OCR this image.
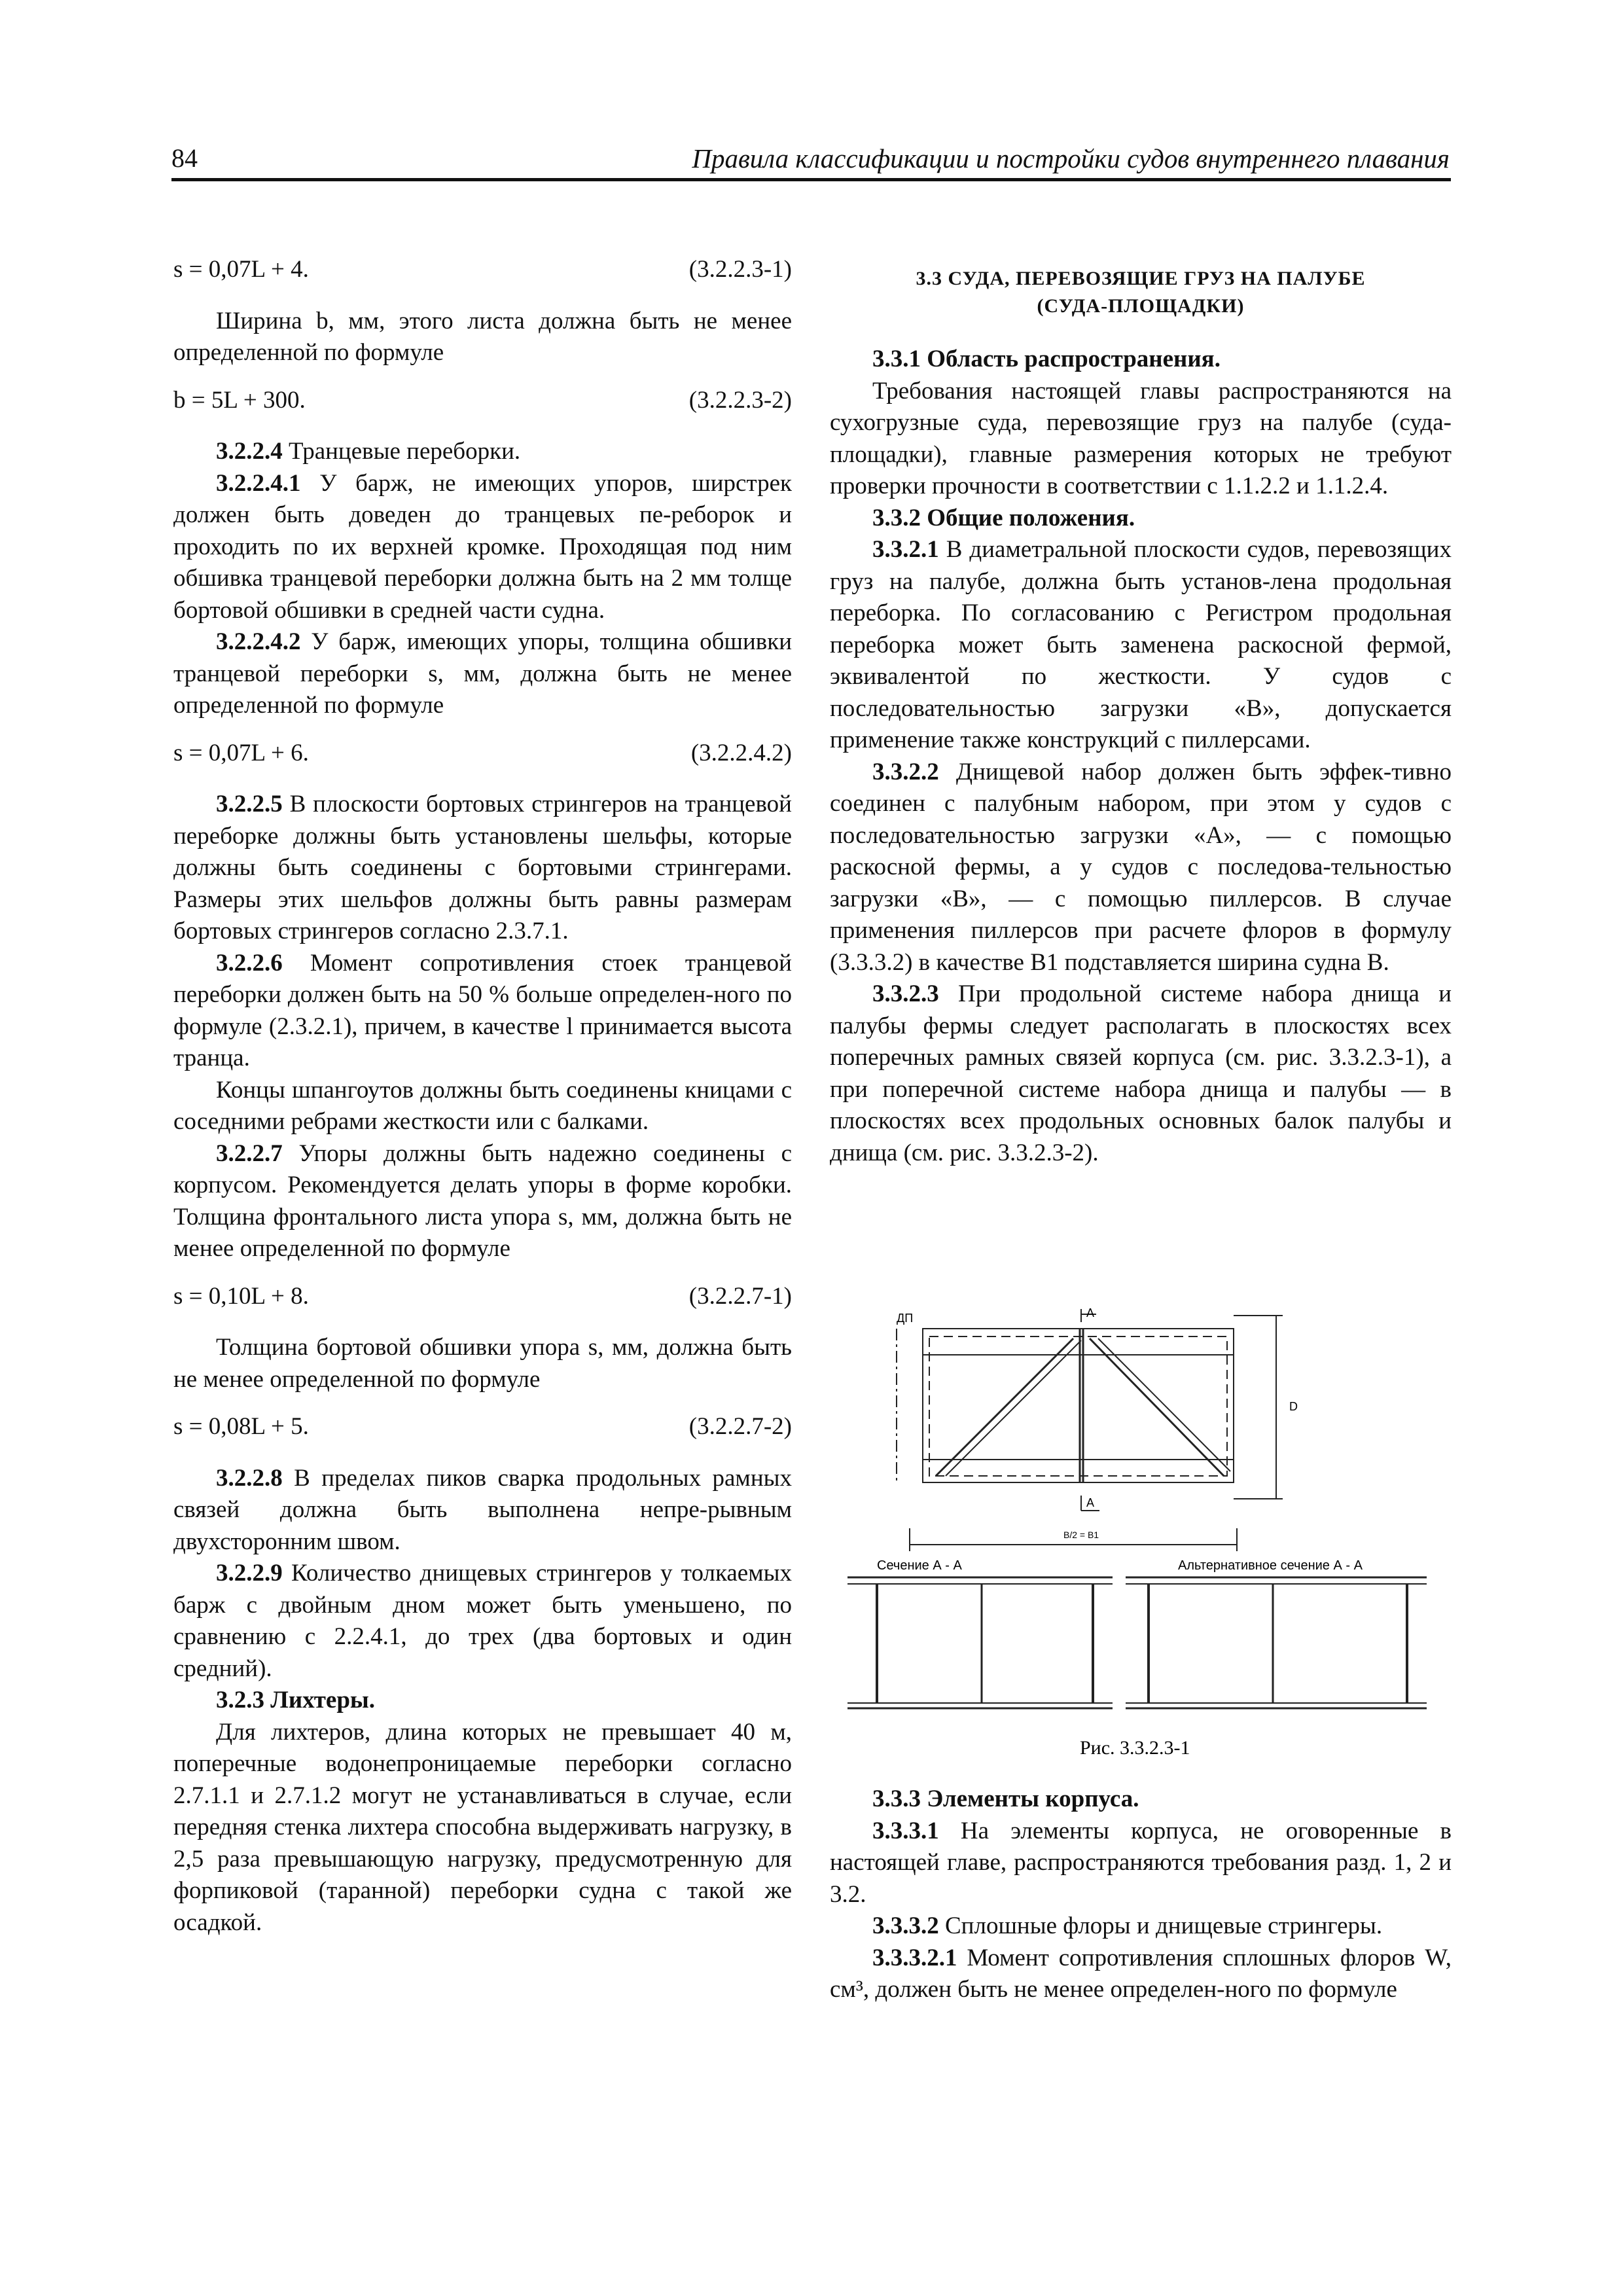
84	Правила классификации и постройки судов внутреннего плавания
s = 0,07L + 4.	(3.2.2.3-1)

Ширина b, мм, этого листа должна быть не менее определенной по формуле

b = 5L + 300.	(3.2.2.3-2)

3.2.2.4 Транцевые переборки.

3.2.2.4.1 У барж, не имеющих упоров, ширстрек должен быть доведен до транцевых пе-реборок и проходить по их верхней кромке. Проходящая под ним обшивка транцевой переборки должна быть на 2 мм толще бортовой обшивки в средней части судна.

3.2.2.4.2 У барж, имеющих упоры, толщина обшивки транцевой переборки s, мм, должна быть не менее определенной по формуле

s = 0,07L + 6.	(3.2.2.4.2)

3.2.2.5 В плоскости бортовых стрингеров на транцевой переборке должны быть установлены шельфы, которые должны быть соединены с бортовыми стрингерами. Размеры этих шельфов должны быть равны размерам бортовых стрингеров согласно 2.3.7.1.

3.2.2.6 Момент сопротивления стоек транцевой переборки должен быть на 50 % больше определен-ного по формуле (2.3.2.1), причем, в качестве l принимается высота транца.

Концы шпангоутов должны быть соединены кницами с соседними ребрами жесткости или с балками.

3.2.2.7 Упоры должны быть надежно соединены с корпусом. Рекомендуется делать упоры в форме коробки. Толщина фронтального листа упора s, мм, должна быть не менее определенной по формуле

s = 0,10L + 8.	(3.2.2.7-1)

Толщина бортовой обшивки упора s, мм, должна быть не менее определенной по формуле

s = 0,08L + 5.	(3.2.2.7-2)

3.2.2.8 В пределах пиков сварка продольных рамных связей должна быть выполнена непре-рывным двухсторонним швом.

3.2.2.9 Количество днищевых стрингеров у толкаемых барж с двойным дном может быть уменьшено, по сравнению с 2.2.4.1, до трех (два бортовых и один средний).

3.2.3 Лихтеры.

Для лихтеров, длина которых не превышает 40 м, поперечные водонепроницаемые переборки согласно 2.7.1.1 и 2.7.1.2 могут не устанавливаться в случае, если передняя стенка лихтера способна выдерживать нагрузку, в 2,5 раза превышающую нагрузку, предусмотренную для форпиковой (таранной) переборки судна с такой же осадкой.

3.3 СУДА, ПЕРЕВОЗЯЩИЕ ГРУЗ НА ПАЛУБЕ
(СУДА-ПЛОЩАДКИ)

3.3.1 Область распространения.

Требования настоящей главы распространяются на сухогрузные суда, перевозящие груз на палубе (суда-площадки), главные размерения которых не требуют проверки прочности в соответствии с 1.1.2.2 и 1.1.2.4.

3.3.2 Общие положения.

3.3.2.1 В диаметральной плоскости судов, перевозящих груз на палубе, должна быть установ-лена продольная переборка. По согласованию с Регистром продольная переборка может быть заменена раскосной фермой, эквивалентой по жесткости. У судов с последовательностью загрузки «В», допускается применение также конструкций с пиллерсами.

3.3.2.2 Днищевой набор должен быть эффек-тивно соединен с палубным набором, при этом у судов с последовательностью загрузки «А», — с помощью раскосной фермы, а у судов с последова-тельностью загрузки «В», — с помощью пиллерсов. В случае применения пиллерсов при расчете флоров в формулу (3.3.3.2) в качестве B1 подставляется ширина судна B.

3.3.2.3 При продольной системе набора днища и палубы фермы следует располагать в плоскостях всех поперечных рамных связей корпуса (см. рис. 3.3.2.3-1), а при поперечной системе набора днища и палубы — в плоскостях всех продольных основных балок палубы и днища (см. рис. 3.3.2.3-2).

ДП	A
A
D
B/2 = B1
Сечение А - А	Альтернативное сечение А - А
Рис. 3.3.2.3-1

3.3.3 Элементы корпуса.

3.3.3.1 На элементы корпуса, не оговоренные в настоящей главе, распространяются требования разд. 1, 2 и 3.2.

3.3.3.2 Сплошные флоры и днищевые стрингеры.

3.3.3.2.1 Момент сопротивления сплошных флоров W, см³, должен быть не менее определен-ного по формуле
